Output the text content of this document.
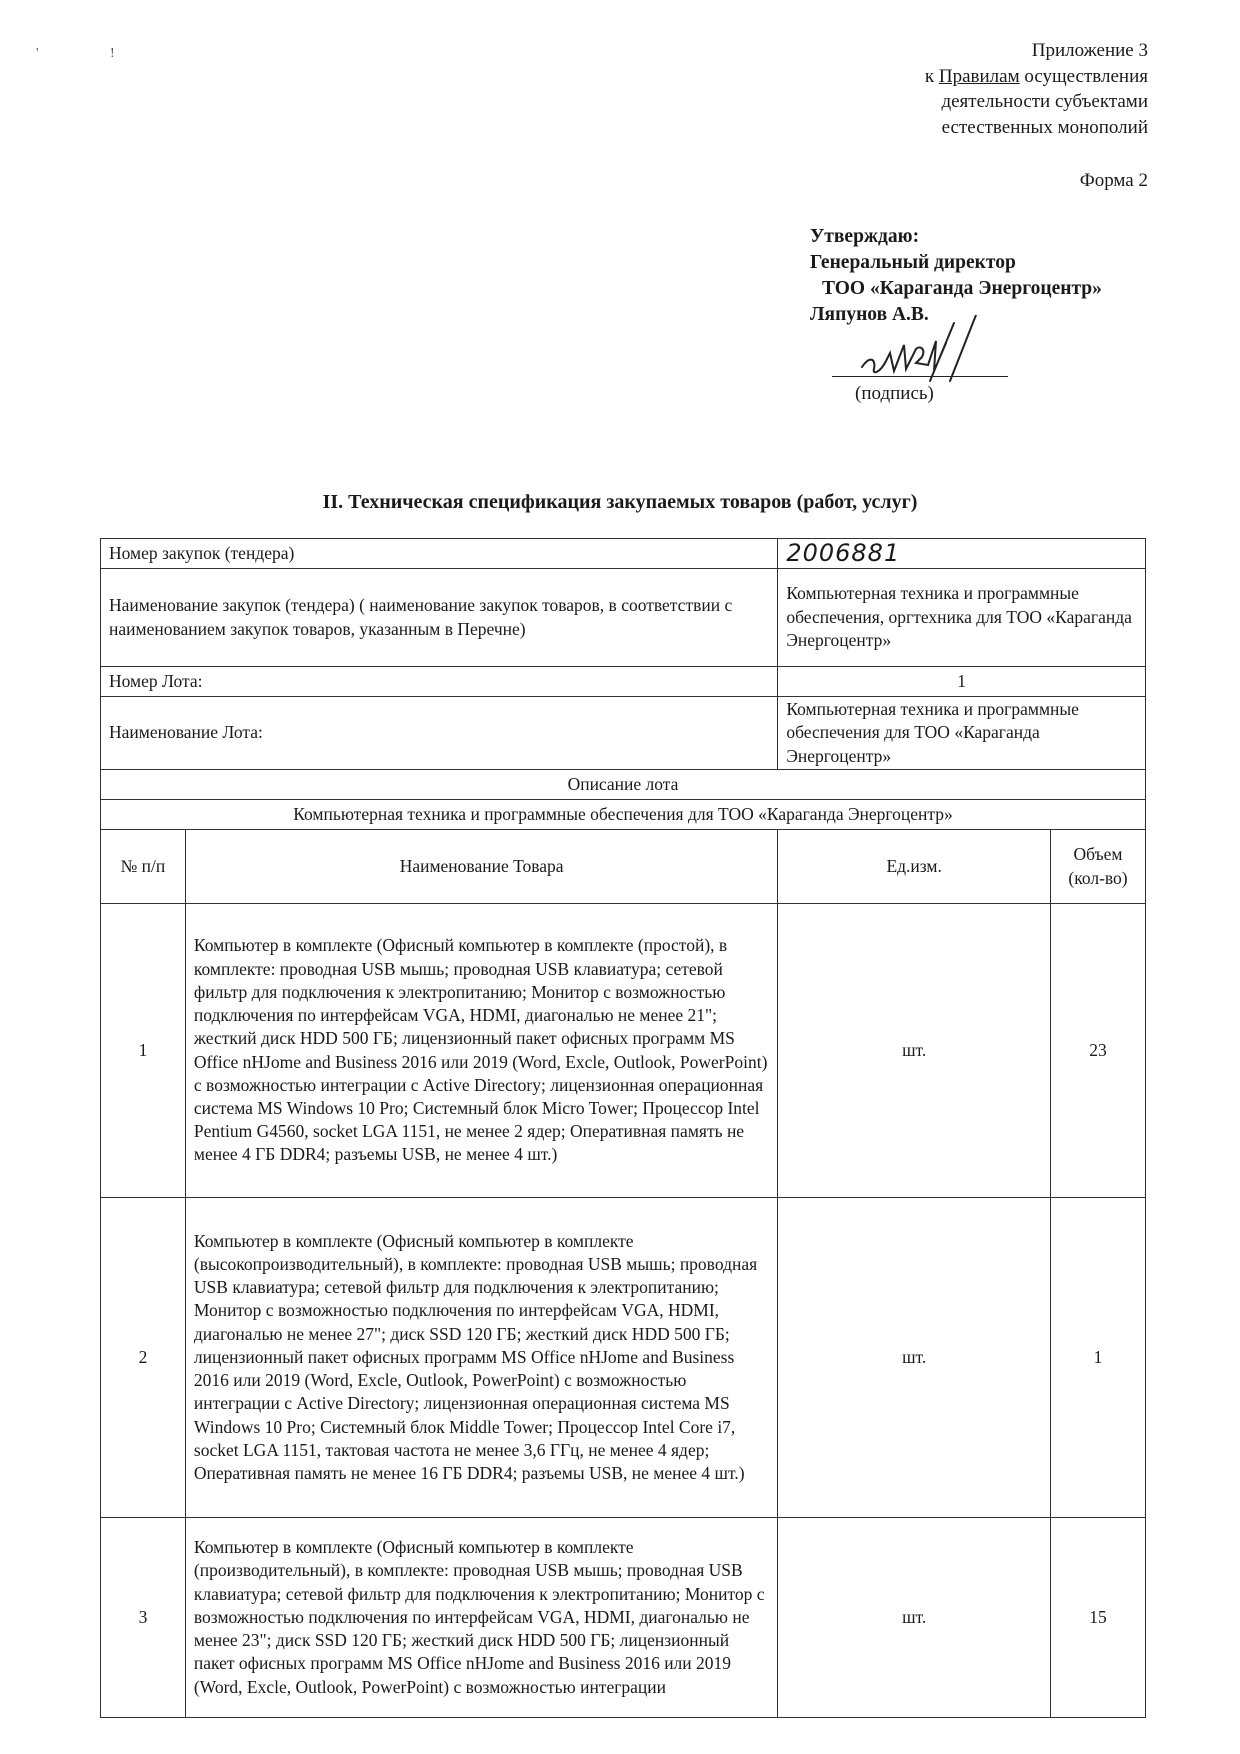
'	!	Приложение 3
к Правилам осуществления
деятельности субъектами
естественных монополий
Форма 2
Утверждаю:
Генеральный директор
ТОО «Караганда Энергоцентр»
Ляпунов А.В.
(подпись)
II. Техническая спецификация закупаемых товаров (работ, услуг)
Номер закупок (тендера)		2006881	
Наименование закупок (тендера) ( наименование закупок товаров, в соответствии с наименованием закупок товаров, указанным в Перечне)		Компьютерная техника и программные обеспечения, оргтехника для ТОО «Караганда Энергоцентр»	
Номер Лота:		1	
Наименование Лота:		Компьютерная техника и программные обеспечения для ТОО «Караганда Энергоцентр»	
Описание лота			
Компьютерная техника и программные обеспечения для ТОО «Караганда Энергоцентр»			
№ п/п	Наименование Товара	Ед.изм.	Объем (кол-во)
1	Компьютер в комплекте (Офисный компьютер в комплекте (простой), в комплекте: проводная USB мышь; проводная USB клавиатура; сетевой фильтр для подключения к электропитанию; Монитор с возможностью подключения по интерфейсам VGA, HDMI, диагональю не менее 21"; жесткий диск HDD 500 ГБ; лицензионный пакет офисных программ MS Office nHJome and Business 2016 или 2019 (Word, Excle, Outlook, PowerPoint) с возможностью интеграции с Active Directory; лицензионная операционная система MS Windows 10 Pro; Системный блок Micro Tower; Процессор Intel Pentium G4560, socket LGA 1151, не менее 2 ядер; Оперативная память не менее 4 ГБ DDR4; разъемы USB, не менее 4 шт.)	шт.	23
2	Компьютер в комплекте (Офисный компьютер в комплекте (высокопроизводительный), в комплекте: проводная USB мышь; проводная USB клавиатура; сетевой фильтр для подключения к электропитанию; Монитор с возможностью подключения по интерфейсам VGA, HDMI, диагональю не менее 27"; диск SSD 120 ГБ; жесткий диск HDD 500 ГБ; лицензионный пакет офисных программ MS Office nHJome and Business 2016 или 2019 (Word, Excle, Outlook, PowerPoint) с возможностью интеграции с Active Directory; лицензионная операционная система MS Windows 10 Pro; Системный блок Middle Tower; Процессор Intel Core i7, socket LGA 1151, тактовая частота не менее 3,6 ГГц, не менее 4 ядер; Оперативная память не менее 16 ГБ DDR4; разъемы USB, не менее 4 шт.)	шт.	1
3	Компьютер в комплекте (Офисный компьютер в комплекте (производительный), в комплекте: проводная USB мышь; проводная USB клавиатура; сетевой фильтр для подключения к электропитанию; Монитор с возможностью подключения по интерфейсам VGA, HDMI, диагональю не менее 23"; диск SSD 120 ГБ; жесткий диск HDD 500 ГБ; лицензионный пакет офисных программ MS Office nHJome and Business 2016 или 2019 (Word, Excle, Outlook, PowerPoint) с возможностью интеграции	шт.	15
